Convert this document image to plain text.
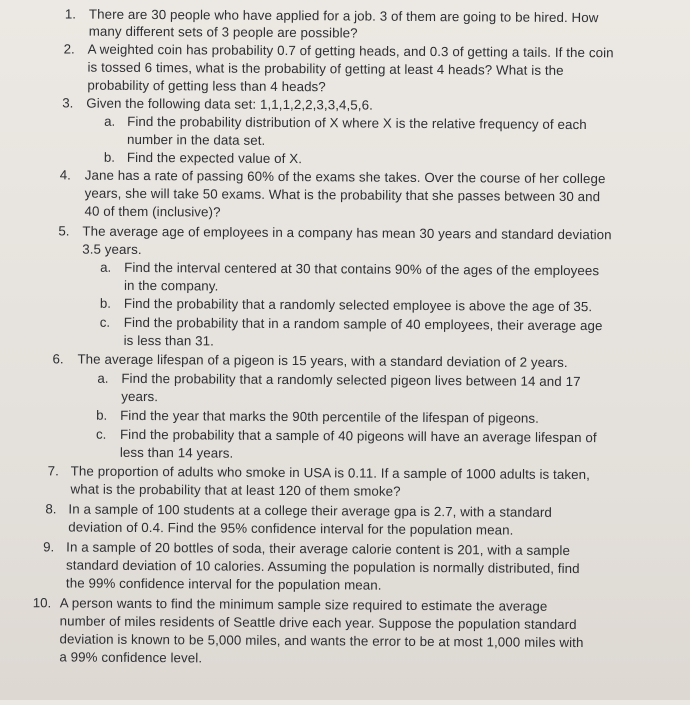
1. There are 30 people who have applied for a job. 3 of them are going to be hired. How
many different sets of 3 people are possible?
2. A weighted coin has probability 0.7 of getting heads, and 0.3 of getting a tails. If the coin
is tossed 6 times, what is the probability of getting at least 4 heads? What is the
probability of getting less than 4 heads?
3. Given the following data set: 1,1,1,2,2,3,3,4,5,6.
a. Find the probability distribution of X where X is the relative frequency of each
number in the data set.
b. Find the expected value of X.
4. Jane has a rate of passing 60% of the exams she takes. Over the course of her college
years, she will take 50 exams. What is the probability that she passes between 30 and
40 of them (inclusive)?
5. The average age of employees in a company has mean 30 years and standard deviation
3.5 years.
a. Find the interval centered at 30 that contains 90% of the ages of the employees
in the company.
b. Find the probability that a randomly selected employee is above the age of 35.
c. Find the probability that in a random sample of 40 employees, their average age
is less than 31.
6. The average lifespan of a pigeon is 15 years, with a standard deviation of 2 years.
a. Find the probability that a randomly selected pigeon lives between 14 and 17
years.
b. Find the year that marks the 90th percentile of the lifespan of pigeons.
c. Find the probability that a sample of 40 pigeons will have an average lifespan of
less than 14 years.
7. The proportion of adults who smoke in USA is 0.11. If a sample of 1000 adults is taken,
what is the probability that at least 120 of them smoke?
8. In a sample of 100 students at a college their average gpa is 2.7, with a standard
deviation of 0.4. Find the 95% confidence interval for the population mean.
9. In a sample of 20 bottles of soda, their average calorie content is 201, with a sample
standard deviation of 10 calories. Assuming the population is normally distributed, find
the 99% confidence interval for the population mean.
10. A person wants to find the minimum sample size required to estimate the average
number of miles residents of Seattle drive each year. Suppose the population standard
deviation is known to be 5,000 miles, and wants the error to be at most 1,000 miles with
a 99% confidence level.
